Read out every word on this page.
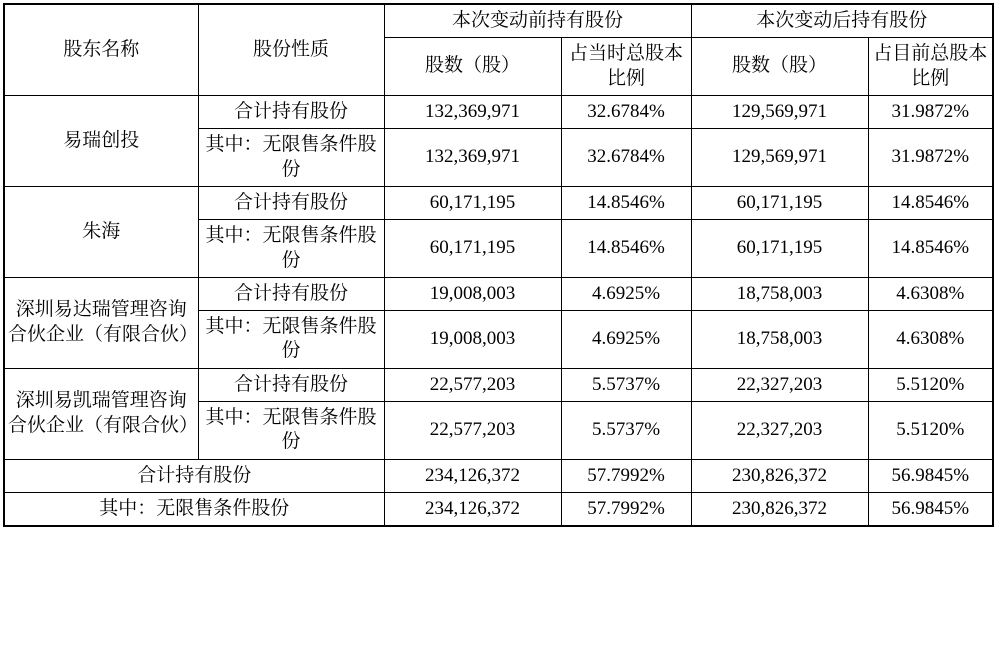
股东名称	股份性质	本次变动前持有股份		本次变动后持有股份	
		股数（股）	占当时总股本比例	股数（股）	占目前总股本比例
易瑞创投	合计持有股份	132,369,971	32.6784%	129,569,971	31.9872%
	其中：无限售条件股份	132,369,971	32.6784%	129,569,971	31.9872%
朱海	合计持有股份	60,171,195	14.8546%	60,171,195	14.8546%
	其中：无限售条件股份	60,171,195	14.8546%	60,171,195	14.8546%
深圳易达瑞管理咨询合伙企业（有限合伙）	合计持有股份	19,008,003	4.6925%	18,758,003	4.6308%
	其中：无限售条件股份	19,008,003	4.6925%	18,758,003	4.6308%
深圳易凯瑞管理咨询合伙企业（有限合伙）	合计持有股份	22,577,203	5.5737%	22,327,203	5.5120%
	其中：无限售条件股份	22,577,203	5.5737%	22,327,203	5.5120%
合计持有股份		234,126,372	57.7992%	230,826,372	56.9845%
其中：无限售条件股份		234,126,372	57.7992%	230,826,372	56.9845%
